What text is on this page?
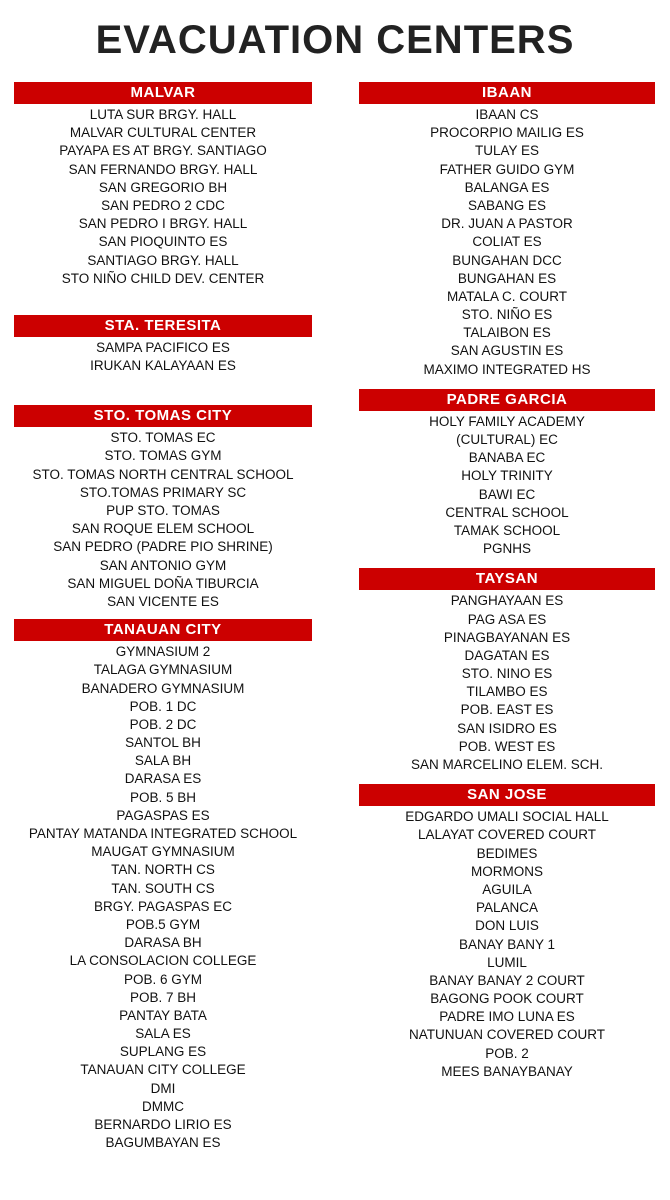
EVACUATION CENTERS
MALVAR
LUTA SUR BRGY. HALL
MALVAR CULTURAL CENTER
PAYAPA ES AT BRGY. SANTIAGO
SAN FERNANDO BRGY. HALL
SAN GREGORIO BH
SAN PEDRO 2 CDC
SAN PEDRO I BRGY. HALL
SAN PIOQUINTO ES
SANTIAGO BRGY. HALL
STO NIÑO CHILD DEV. CENTER
STA. TERESITA
SAMPA PACIFICO ES
IRUKAN KALAYAAN ES
STO. TOMAS CITY
STO. TOMAS EC
STO. TOMAS GYM
STO. TOMAS NORTH CENTRAL SCHOOL
STO.TOMAS PRIMARY SC
PUP STO. TOMAS
SAN ROQUE ELEM SCHOOL
SAN PEDRO (PADRE PIO SHRINE)
SAN ANTONIO GYM
SAN MIGUEL DOÑA TIBURCIA
SAN VICENTE ES
TANAUAN CITY
GYMNASIUM 2
TALAGA GYMNASIUM
BANADERO GYMNASIUM
POB. 1 DC
POB. 2 DC
SANTOL BH
SALA BH
DARASA ES
POB. 5 BH
PAGASPAS ES
PANTAY MATANDA INTEGRATED SCHOOL
MAUGAT GYMNASIUM
TAN. NORTH CS
TAN. SOUTH CS
BRGY. PAGASPAS EC
POB.5 GYM
DARASA BH
LA CONSOLACION COLLEGE
POB. 6 GYM
POB. 7 BH
PANTAY BATA
SALA ES
SUPLANG ES
TANAUAN CITY COLLEGE
DMI
DMMC
BERNARDO LIRIO ES
BAGUMBAYAN ES
IBAAN
IBAAN CS
PROCORPIO MAILIG ES
TULAY ES
FATHER GUIDO GYM
BALANGA ES
SABANG ES
DR. JUAN A PASTOR
COLIAT ES
BUNGAHAN DCC
BUNGAHAN ES
MATALA C. COURT
STO. NIÑO ES
TALAIBON ES
SAN AGUSTIN ES
MAXIMO INTEGRATED HS
PADRE GARCIA
HOLY FAMILY ACADEMY
(CULTURAL) EC
BANABA EC
HOLY TRINITY
BAWI EC
CENTRAL SCHOOL
TAMAK SCHOOL
PGNHS
TAYSAN
PANGHAYAAN ES
PAG ASA ES
PINAGBAYANAN ES
DAGATAN ES
STO. NINO ES
TILAMBO ES
POB. EAST ES
SAN ISIDRO ES
POB. WEST ES
SAN MARCELINO ELEM. SCH.
SAN JOSE
EDGARDO UMALI SOCIAL HALL
LALAYAT COVERED COURT
BEDIMES
MORMONS
AGUILA
PALANCA
DON LUIS
BANAY BANY 1
LUMIL
BANAY BANAY 2 COURT
BAGONG POOK COURT
PADRE IMO LUNA ES
NATUNUAN COVERED COURT
POB. 2
MEES BANAYBANAY
